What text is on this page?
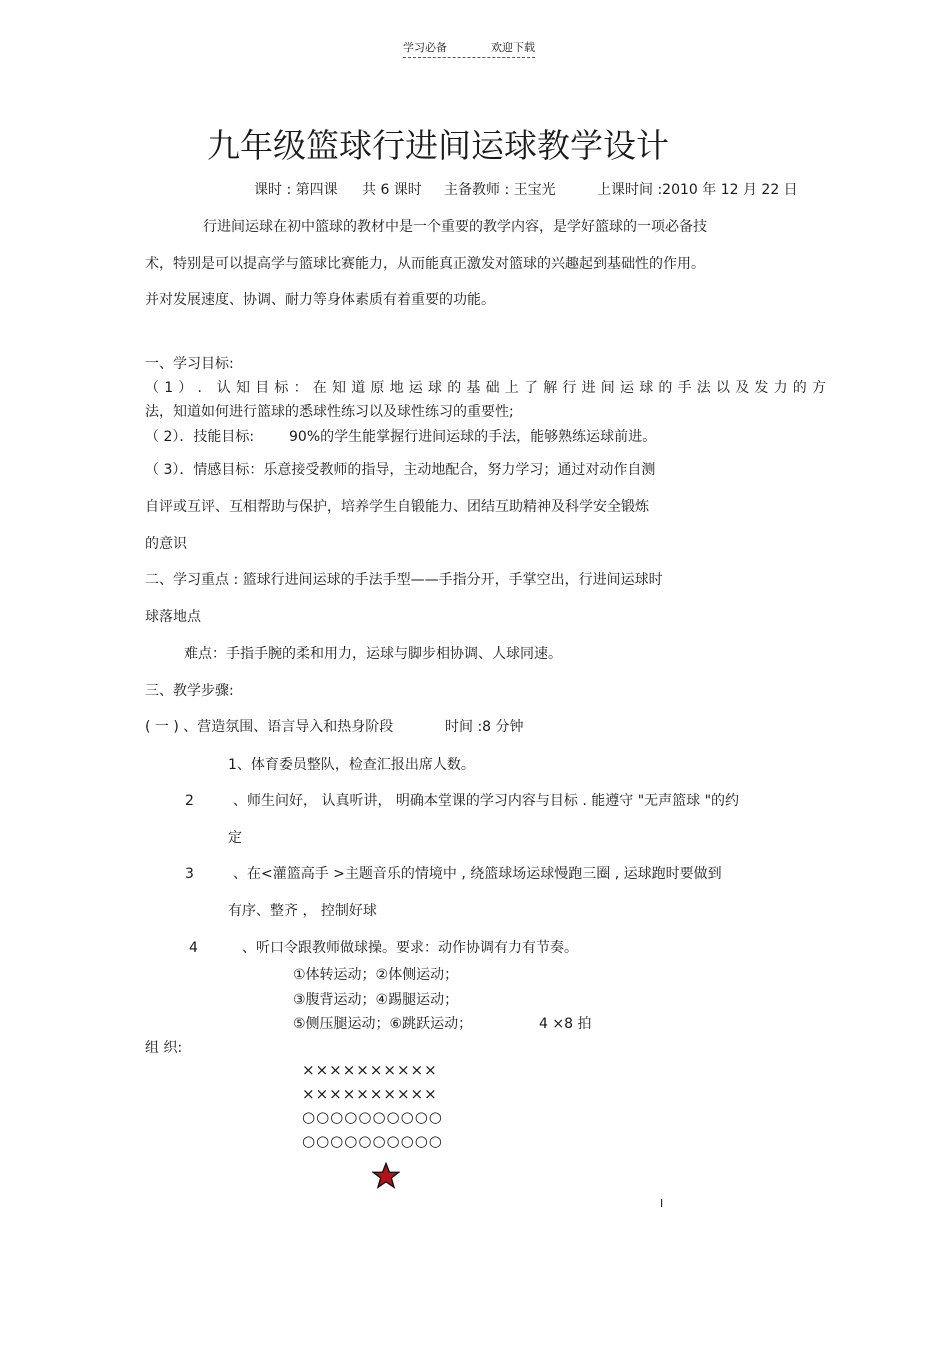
学习必备	欢迎下载
九年级篮球行进间运球教学设计
课时 : 第四课 共 6 课时 主备教师 : 王宝光	上课时间 :2010 年 12 月 22 日
行进间运球在初中篮球的教材中是一个重要的教学内容，是学好篮球的一项必备技
术，特别是可以提高学与篮球比赛能力，从而能真正激发对篮球的兴趣起到基础性的作用。
并对发展速度、协调、耐力等身体素质有着重要的功能。
一、学习目标:
（1）. 认知目标：在知道原地运球的基础上了解行进间运球的手法以及发力的方
法，知道如何进行篮球的悉球性练习以及球性练习的重要性;
（ 2）．技能目标: 90%的学生能掌握行进间运球的手法，能够熟练运球前进。
（ 3）．情感目标：乐意接受教师的指导，主动地配合，努力学习；通过对动作自测
自评或互评、互相帮助与保护，培养学生自锻能力、团结互助精神及科学安全锻炼
的意识
二、学习重点 : 篮球行进间运球的手法手型——手指分开，手掌空出，行进间运球时
球落地点
难点：手指手腕的柔和用力，运球与脚步相协调、人球同速。
三、教学步骤:
( 一 ) 、营造氛围、语言导入和热身阶段	时间 :8 分钟
1、体育委员整队，检查汇报出席人数。
2	、师生问好， 认真听讲， 明确本堂课的学习内容与目标 . 能遵守 "无声篮球 "的约
定
3	、在<灌篮高手 >主题音乐的情境中 , 绕篮球场运球慢跑三圈 , 运球跑时要做到
有序、整齐 ， 控制好球
4	、听口令跟教师做球操。要求：动作协调有力有节奏。
①体转运动；②体侧运动；
③腹背运动；④踢腿运动；
⑤侧压腿运动；⑥跳跃运动；	4 ×8 拍
组 织:
××××××××××
××××××××××
○○○○○○○○○○
○○○○○○○○○○
I
